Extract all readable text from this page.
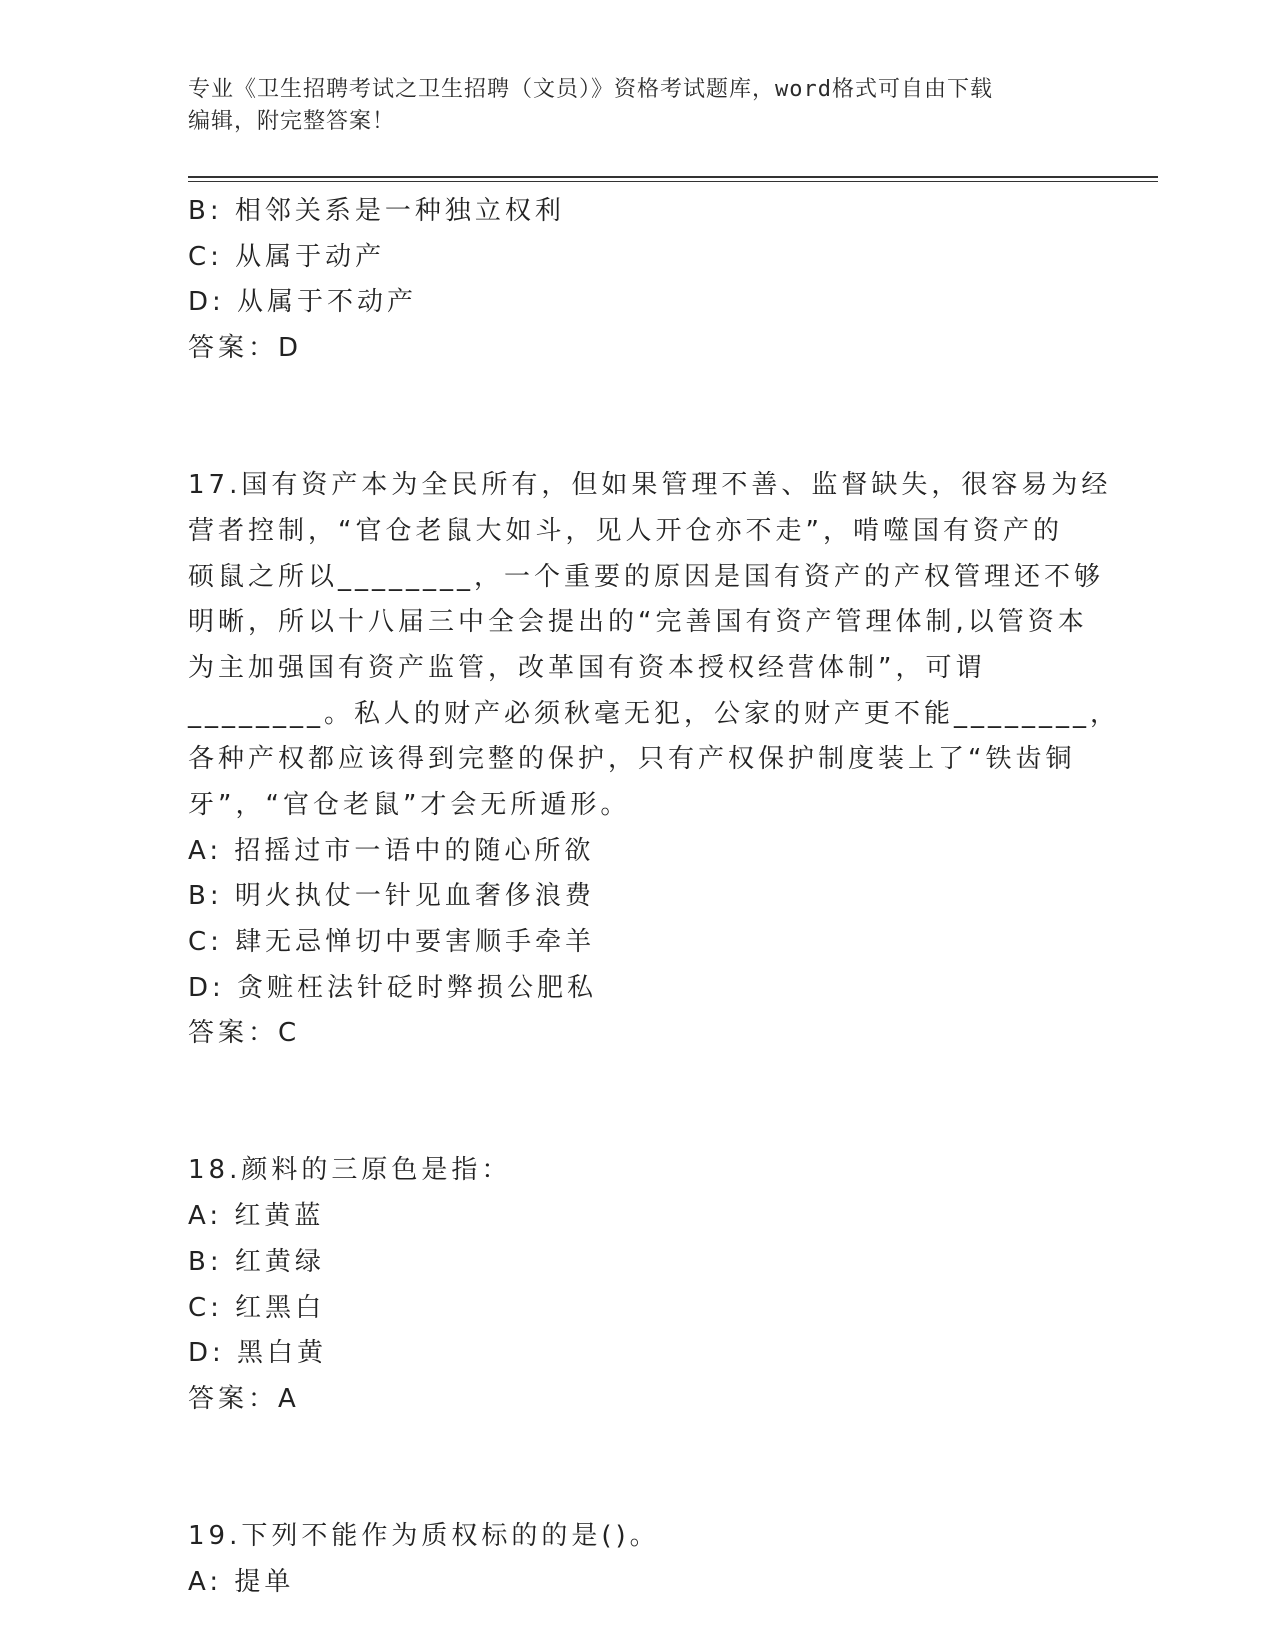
专业《卫生招聘考试之卫生招聘（文员）》资格考试题库，word格式可自由下载
编辑，附完整答案！
B: 相邻关系是一种独立权利
C: 从属于动产
D: 从属于不动产
答案：D
17.国有资产本为全民所有，但如果管理不善、监督缺失，很容易为经
营者控制，“官仓老鼠大如斗，见人开仓亦不走”，啃噬国有资产的
硕鼠之所以________，一个重要的原因是国有资产的产权管理还不够
明晰，所以十八届三中全会提出的“完善国有资产管理体制,以管资本
为主加强国有资产监管，改革国有资本授权经营体制”，可谓
________。私人的财产必须秋毫无犯，公家的财产更不能________，
各种产权都应该得到完整的保护，只有产权保护制度装上了“铁齿铜
牙”，“官仓老鼠”才会无所遁形。
A: 招摇过市一语中的随心所欲
B: 明火执仗一针见血奢侈浪费
C: 肆无忌惮切中要害顺手牵羊
D: 贪赃枉法针砭时弊损公肥私
答案：C
18.颜料的三原色是指：
A: 红黄蓝
B: 红黄绿
C: 红黑白
D: 黑白黄
答案：A
19.下列不能作为质权标的的是()。
A: 提单
